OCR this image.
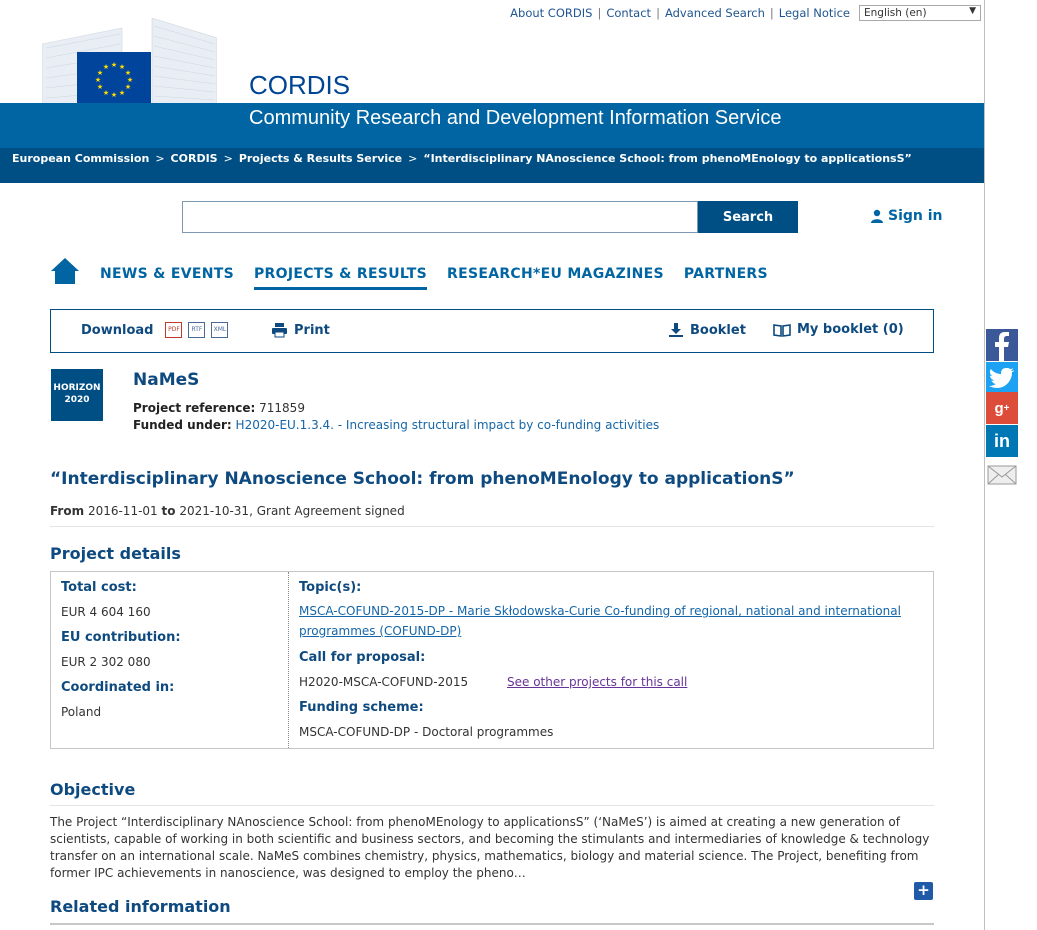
About CORDIS | Contact | Advanced Search | Legal Notice	English (en)	▼
★ ★
★
★
★
★
★
★
★
★
★
★
CORDIS
Community Research and Development Information Service
European Commission > CORDIS > Projects & Results Service > “Interdisciplinary NAnoscience School: from phenoMEnology to applicationsS”
Search	Sign in
NEWS & EVENTS PROJECTS & RESULTS RESEARCH*EU MAGAZINES PARTNERS
Download	PDF	RTF	XML	Print	Booklet	My booklet (0)
HORIZON 2020
NaMeS
Project reference: 711859
Funded under: H2020-EU.1.3.4. - Increasing structural impact by co-funding activities
“Interdisciplinary NAnoscience School: from phenoMEnology to applicationS”
From 2016-11-01 to 2021-10-31, Grant Agreement signed
Project details
Total cost:
EUR 4 604 160
EU contribution:
EUR 2 302 080
Coordinated in:
Poland
Topic(s):
MSCA-COFUND-2015-DP - Marie Skłodowska-Curie Co-funding of regional, national and international
programmes (COFUND-DP)
Call for proposal:
H2020-MSCA-COFUND-2015	See other projects for this call
Funding scheme:
MSCA-COFUND-DP - Doctoral programmes
Objective
The Project “Interdisciplinary NAnoscience School: from phenoMEnology to applicationsS” (‘NaMeS’) is aimed at creating a new generation of scientists, capable of working in both scientific and business sectors, and becoming the stimulants and intermediaries of knowledge & technology transfer on an international scale. NaMeS combines chemistry, physics, mathematics, biology and material science. The Project, benefiting from former IPC achievements in nanoscience, was designed to employ the pheno…
+
Related information
g +
in
